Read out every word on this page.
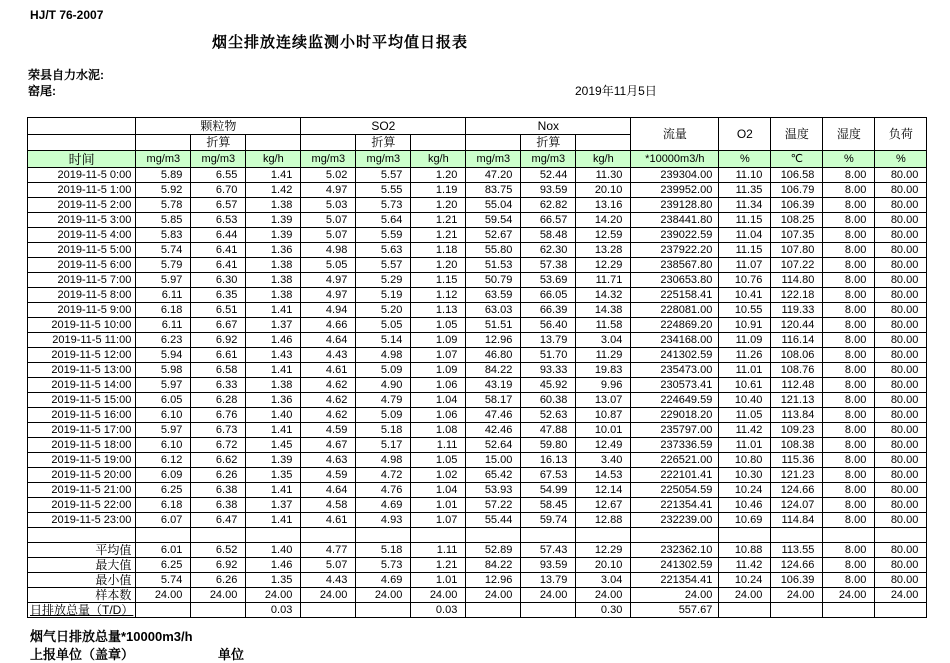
HJ/T 76-2007
烟尘排放连续监测小时平均值日报表
荣县自力水泥:
窑尾:	2019年11月5日
	颗粒物			SO2			Nox			流量	O2	温度	湿度	负荷
		折算			折算			折算						
时间	mg/m3	mg/m3	kg/h	mg/m3	mg/m3	kg/h	mg/m3	mg/m3	kg/h	*10000m3/h	%	℃	%	%
2019-11-5 0:00	5.89	6.55	1.41	5.02	5.57	1.20	47.20	52.44	11.30	239304.00	11.10	106.58	8.00	80.00
2019-11-5 1:00	5.92	6.70	1.42	4.97	5.55	1.19	83.75	93.59	20.10	239952.00	11.35	106.79	8.00	80.00
2019-11-5 2:00	5.78	6.57	1.38	5.03	5.73	1.20	55.04	62.82	13.16	239128.80	11.34	106.39	8.00	80.00
2019-11-5 3:00	5.85	6.53	1.39	5.07	5.64	1.21	59.54	66.57	14.20	238441.80	11.15	108.25	8.00	80.00
2019-11-5 4:00	5.83	6.44	1.39	5.07	5.59	1.21	52.67	58.48	12.59	239022.59	11.04	107.35	8.00	80.00
2019-11-5 5:00	5.74	6.41	1.36	4.98	5.63	1.18	55.80	62.30	13.28	237922.20	11.15	107.80	8.00	80.00
2019-11-5 6:00	5.79	6.41	1.38	5.05	5.57	1.20	51.53	57.38	12.29	238567.80	11.07	107.22	8.00	80.00
2019-11-5 7:00	5.97	6.30	1.38	4.97	5.29	1.15	50.79	53.69	11.71	230653.80	10.76	114.80	8.00	80.00
2019-11-5 8:00	6.11	6.35	1.38	4.97	5.19	1.12	63.59	66.05	14.32	225158.41	10.41	122.18	8.00	80.00
2019-11-5 9:00	6.18	6.51	1.41	4.94	5.20	1.13	63.03	66.39	14.38	228081.00	10.55	119.33	8.00	80.00
2019-11-5 10:00	6.11	6.67	1.37	4.66	5.05	1.05	51.51	56.40	11.58	224869.20	10.91	120.44	8.00	80.00
2019-11-5 11:00	6.23	6.92	1.46	4.64	5.14	1.09	12.96	13.79	3.04	234168.00	11.09	116.14	8.00	80.00
2019-11-5 12:00	5.94	6.61	1.43	4.43	4.98	1.07	46.80	51.70	11.29	241302.59	11.26	108.06	8.00	80.00
2019-11-5 13:00	5.98	6.58	1.41	4.61	5.09	1.09	84.22	93.33	19.83	235473.00	11.01	108.76	8.00	80.00
2019-11-5 14:00	5.97	6.33	1.38	4.62	4.90	1.06	43.19	45.92	9.96	230573.41	10.61	112.48	8.00	80.00
2019-11-5 15:00	6.05	6.28	1.36	4.62	4.79	1.04	58.17	60.38	13.07	224649.59	10.40	121.13	8.00	80.00
2019-11-5 16:00	6.10	6.76	1.40	4.62	5.09	1.06	47.46	52.63	10.87	229018.20	11.05	113.84	8.00	80.00
2019-11-5 17:00	5.97	6.73	1.41	4.59	5.18	1.08	42.46	47.88	10.01	235797.00	11.42	109.23	8.00	80.00
2019-11-5 18:00	6.10	6.72	1.45	4.67	5.17	1.11	52.64	59.80	12.49	237336.59	11.01	108.38	8.00	80.00
2019-11-5 19:00	6.12	6.62	1.39	4.63	4.98	1.05	15.00	16.13	3.40	226521.00	10.80	115.36	8.00	80.00
2019-11-5 20:00	6.09	6.26	1.35	4.59	4.72	1.02	65.42	67.53	14.53	222101.41	10.30	121.23	8.00	80.00
2019-11-5 21:00	6.25	6.38	1.41	4.64	4.76	1.04	53.93	54.99	12.14	225054.59	10.24	124.66	8.00	80.00
2019-11-5 22:00	6.18	6.38	1.37	4.58	4.69	1.01	57.22	58.45	12.67	221354.41	10.46	124.07	8.00	80.00
2019-11-5 23:00	6.07	6.47	1.41	4.61	4.93	1.07	55.44	59.74	12.88	232239.00	10.69	114.84	8.00	80.00

平均值	6.01	6.52	1.40	4.77	5.18	1.11	52.89	57.43	12.29	232362.10	10.88	113.55	8.00	80.00
最大值	6.25	6.92	1.46	5.07	5.73	1.21	84.22	93.59	20.10	241302.59	11.42	124.66	8.00	80.00
最小值	5.74	6.26	1.35	4.43	4.69	1.01	12.96	13.79	3.04	221354.41	10.24	106.39	8.00	80.00
样本数	24.00	24.00	24.00	24.00	24.00	24.00	24.00	24.00	24.00	24.00	24.00	24.00	24.00	24.00
日排放总量（T/D）			0.03			0.03			0.30	557.67				
烟气日排放总量*10000m3/h
上报单位（盖章）	单位
